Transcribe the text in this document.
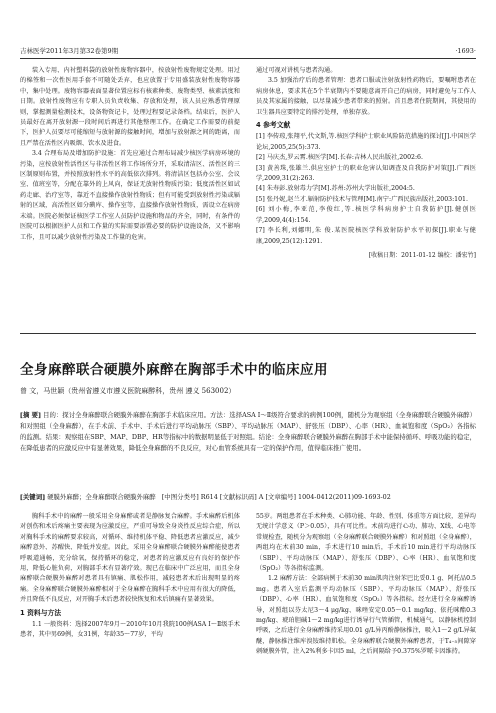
吉林医学2011年3月第32卷第9期	·1693·

装入专用、内衬塑料袋的放射性废物容器中，按放射性废物规定处理。用过的棉签和一次性医用手套不可随处丢弃，也应放置于专用盛装放射性废物容器中，集中处理。废物容器表面显著位置应标有核素种类、废物类型、核素活度和日期。放射性废物应有专职人员负责收集、存放和处理，该人员应熟悉管理原则，掌握测量检测技术，设备物资记卡，处理过程要记录备档。结束后，医护人员最好在离开放射源一段时间后再进行其他整理工作。在确定工作需要的前提下，医护人员要尽可能缩短与放射源的接触时间，增加与放射源之间的距离，而且严禁在活性区内吸烟、饮水及进食。

3.4 合理布局及增加防护设施：首先应通过合理布局减少核医学病房环境的污染，应按放射性活性区与非活性区将工作场所分开，采取清洁区、活性区的三区制原则布置，并按照放射性水平的高低依次排列。将清洁区包括办公室、会议室、值班室等，分配在靠外的上风向，保证无放射性物质污染；低度活性区如试药走廊、治疗室等，靠近不直接操作放射性物质；但有可能受到放射性污染或辐射的区域，高活性区如分碘库、操作室等，直接操作放射性物质，需设立在病房末端。医院必须保证核医学工作室人员防护设施和物品的齐全，同时，有条件的医院可以根据医护人员和工作量的实际需要添置必要的防护设施设备，又不影响工作，且可以减少放射性污染及工作量的危害。

通过可视对讲机与患者沟通。

3.5 加强治疗后的患者管理：患者口服或注射放射性药物后，要嘱咐患者在病房休息，要求其在5个半衰期内不要随意离开自己的病房，同时避免与工作人员及其家属的接触，以尽量减少患者带来的照射。首且患者住院期间，其使用的卫生器具应要特定的排污处理，单独存放。

4 参考文献

[1] 李传琼,张翔平,代文斯,等.核医学科护士职业风险防范措施的探讨[J].中国医学论坛,2005,25(5):373.

[2] 马庆杰,罗云霄.核医学[M].长春:吉林人民出版社,2002:6.

[3] 黄善珠,张雄兰.供应室护士的职业危害认知调查及自我防护对策[J].广西医学,2009,31(2):263.

[4] 朱寿彭.放射毒力学[M].苏州:苏州大学出版社,2004:5.

[5] 张丹妮,赵兰才.辐射防护技术与管理[M].南宁:广西民族出版社,2003:101.

[6] 刘小梅,李亚范,李俊红,等.核医学科病房护士自我防护[J].健创医学,2009,4(4):154.

[7] 李长利,刘娜明,朱 俊.某医院核医学科放射防护水平初探[J].职业与健康,2009,25(12):1291.

[收稿日期：2011-01-12 编校：潘宏竹]
全身麻醉联合硬膜外麻醉在胸部手术中的临床应用
曾 文，马世颖（贵州省遵义市遵义医院麻醉科，贵州 遵义 563002）
[摘 要] 目的：探讨全身麻醉联合硬膜外麻醉在胸部手术临床应用。方法：选择ASA Ⅰ～Ⅱ级符合要求的病例100例，随机分为观察组（全身麻醉联合硬膜外麻醉）和对照组（全身麻醉），在手术前、手术中、手术后进行平均动脉压（SBP）、平均动脉压（MAP）、舒张压（DBP）、心率（HR）、血氧饱和度（SpO₂）各指标的监测。结果：观察组在SBP、MAP、DBP、HR等指标中的数据明显低于对照组。结论：全身麻醉联合硬膜外麻醉在胸部手术中能保持循环、呼吸功能的稳定，在降低患者的应激反应中有显著效果，降低全身麻醉的不良反应，对心血管系统具有一定的保护作用，值得临床推广使用。
[关键词] 硬膜外麻醉；全身麻醉联合硬膜外麻醉 [中图分类号] R614 [文献标识码] A [文章编号] 1004-0412(2011)09-1693-02

胸科手术中的麻醉一般采用全身麻醉或者是静脉复合麻醉。手术麻醉后机体对创伤和术后疼痛主要表现为应激反应，严重可导致全身炎性反应综合症，所以对胸科手术的麻醉要求较高，对循环、维持机体平稳、降低患者应激反应，减少麻醉意外、苏醒快、降低并发症。因此，采用全身麻醉联合硬膜外麻醉能使患者呼吸道通畅，充分给氧，保持循环的稳定，对患者的应激反应有良好的保护作用，降低心脏负荷，对胸部手术有显著疗效。现已在临床中广泛应用，而且全身麻醉联合硬膜外麻醉对患者具有镇痛、肌松作用，减轻患者术后出现明显的疼痛。全身麻醉联合硬膜外麻醉相对于全身麻醉在胸科手术中应用有很大的降低，并且降低不良反应，对开胸手术后患者较快恢复和术后镇痛有显著效果。

1 资料与方法

1.1 一般资料：选择2007年9月～2010年10月我院100例ASA Ⅰ～Ⅱ级手术患者，其中男69例，女31例，年龄35～77岁，平均

55岁。两组患者在手术种类、心肺功能、年龄、性别、体重等方面比较，差异均无统计学意义（P＞0.05），具有可比性。术前均进行心功、肺功、X线、心电等常规检查，随机分为观察组（全身麻醉联合硬膜外麻醉）和对照组（全身麻醉），两组均在术前30 min，手术进行10 min后，手术后10 min进行平均动脉压（SBP）、平均动脉压（MAP）、舒张压（DBP）、心率（HR）、血氧饱和度（SpO₂）等各指标监测。

1.2 麻醉方法：全部病例于术前30 min肌肉注射苯巴比妥0.1 g、阿托品0.5 mg。患者入室后监测平均动脉压（SBP）、平均动脉压（MAP）、舒张压（DBP）、心率（HR）、血氧饱和度（SpO₂）等各指标。经左进行全身麻醉诱导，对照组以芬太尼3～4 μg/kg、咪唑安定0.05～0.1 mg/kg、依托咪酯0.3 mg/kg、琥珀胆碱1～2 mg/kg进行诱导行气管插管，机械通气，以静脉机控制呼吸，之后进行全身麻醉维持采用0.01 g/L异丙酚静脉推注，吸入1～2 g/L异氟醚，静脉推注维库溴铵维持肌松。全身麻醉联合硬膜外麻醉患者，于T₄₋₅间隙穿刺硬膜外管，注入2%利多卡因5 ml，之后间隔给予0.375%罗哌卡因维持。
